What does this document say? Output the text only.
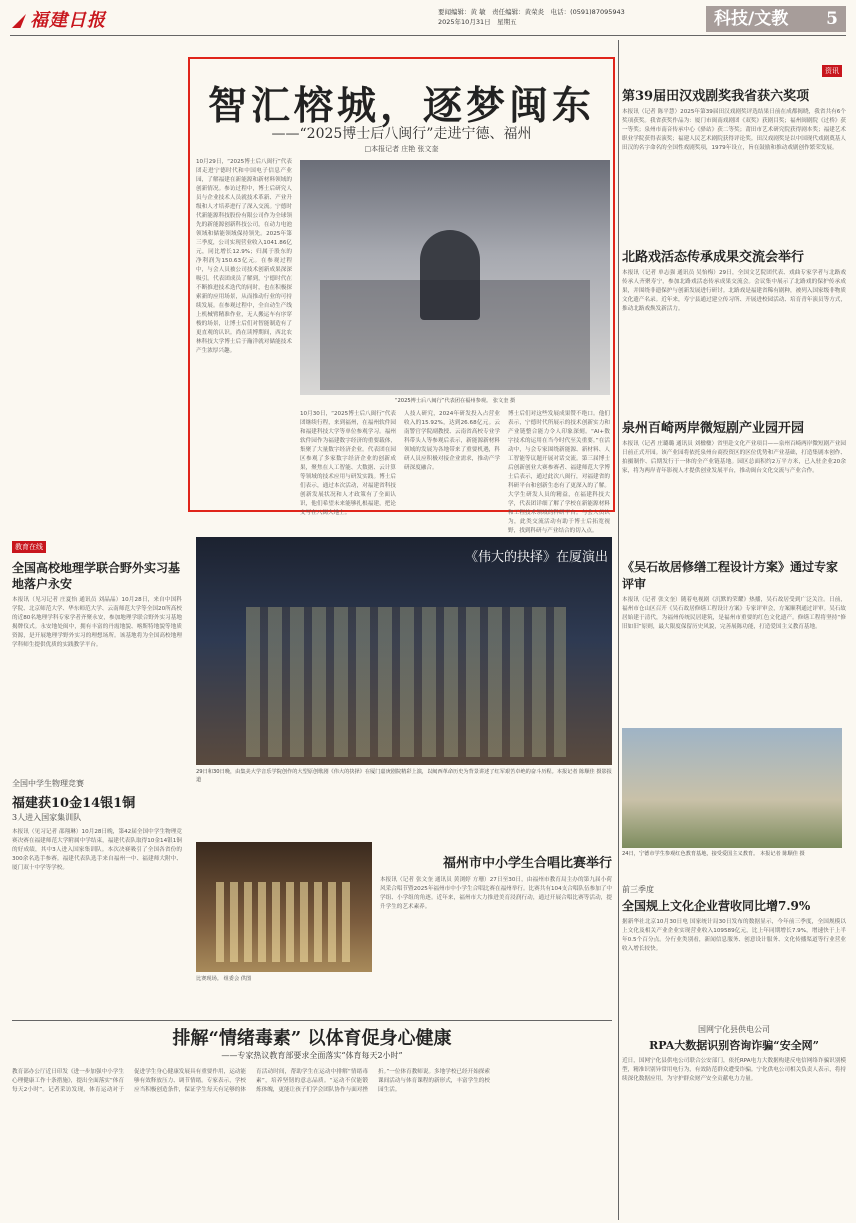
福建日报	要闻编辑：黄 敏　责任编辑：黄荣炎　电话：(0591)87095943
2025年10月31日　星期五	科技/文教 5
智汇榕城，逐梦闽东
——“2025博士后八闽行”走进宁德、福州
□本报记者 庄艳 张文奎
10月29日，“2025博士后八闽行”代表团走进宁德时代和中国电子信息产业园，了解福建在新能源和新材料领域的创新情况。参访过程中，博士后研究人员与企业技术人员就技术革新、产业升级和人才培养进行了深入交流。宁德时代新能源科技股份有限公司作为全球领先的新能源创新科技公司，在动力电池领域和储能领域保持领先。2025年第三季度，公司实现营业收入1041.86亿元，同比增长12.9%；归属于股东的净利润为150.63亿元。在参观过程中，与会人员被公司技术创新成果深深吸引。代表团成员了解到，宁德时代在不断推进技术迭代的同时，也在积极探索新的应用场景，从而推动行业的可持续发展。在参观过程中，全自动生产线上机械臂精准作业，无人搬运车有序穿梭的场景，让博士后们对智能制造有了更直观的认识。尚在读博期间，西北农林科技大学博士后于瀚洋就对储能技术产生浓厚兴趣。
“2025博士后八闽行”代表团在福州参观。 张文奎 摄
10月30日，“2025博士后八闽行”代表团继续行程，来到福州，在福州软件园和福建科技大学等单位参观学习。福州软件园作为福建数字经济的重要载体，集聚了大量数字经济企业。代表团在园区参观了多家数字经济企业的创新成果，聚焦在人工智能、大数据、云计算等领域的技术应用与研发实践。博士后们表示，通过本次活动，对福建省科技创新发展状况和人才政策有了全面认识，他们希望未来能够扎根福建，把论文写在八闽大地上。
人技人研究，2024年研发投入占营业收入的15.92%，达到26.68亿元。云南警官学院副教授、云南省高校专业学科带头人等参观后表示，新能源新材料领域的发展为各地带来了重要机遇，科研人员应积极对接企业需求，推动产学研深度融合。
博士后们对这些发展成果赞不绝口。他们表示，宁德时代所展示的技术创新实力和产业链整合能力令人印象深刻。“AI+数字技术的运用在当今时代至关重要。”在活动中，与会专家围绕新能源、新材料、人工智能等议题开展对话交流。第三届博士后创新创业大赛参赛者、福建师范大学博士后表示，通过此次八闽行，对福建省的科研平台和创新生态有了更深入的了解。大学生研发人员的精益，在福建科技大学，代表团详细了解了学校在新能源材料和工程技术领域的科研平台。与会人员认为，此类交流活动有助于博士后拓宽视野，找到科研与产业结合的切入点。
资讯
第39届田汉戏剧奖我省获六奖项
本报讯（记者 陈平慧）2025年第39届田汉戏剧奖评选结果日前在成都揭晓，我省共有6个奖项获奖。我省获奖作品为：厦门市闽南戏剧团《双奖》获剧目奖；福州闽剧院《过桥》获一等奖；泉州市南音传承中心《驿站》获二等奖；莆田市艺术研究院获得剧本奖；福建艺术职业学院获得表演奖；福建人民艺术剧院获得评论奖。田汉戏剧奖是以中国现代戏剧奠基人田汉的名字命名的全国性戏剧奖项，1979年设立，旨在鼓励和推动戏剧创作繁荣发展。
北路戏活态传承成果交流会举行
本报讯（记者 单志强 通讯员 吴怡梅）29日，全国文艺院团代表、戏曲专家学者与北路戏传承人齐聚寿宁，参加北路戏活态传承成果交流会。会议集中展示了北路戏的保护传承成果，并围绕非遗保护与创新发展进行研讨。北路戏是福建省稀有剧种，被列入国家级非物质文化遗产名录。近年来，寿宁县通过建立传习所、开展进校园活动、培育青年演员等方式，推动北路戏焕发新活力。
泉州百崎两岸微短剧产业园开园
本报讯（记者 庄璐璐 通讯员 刘楹楹）省里赴文化产业项目——泉州百崎两岸微短剧产业园日前正式开园。该产业园将依托泉州台商投资区的区位优势和产业基础，打造集剧本创作、拍摄制作、后期发行于一体的全产业链基地。园区总面积约2万平方米，已入驻企业20余家，将为两岸青年影视人才提供创业发展平台，推动闽台文化交流与产业合作。
《吴石故居修缮工程设计方案》通过专家评审
本报讯（记者 张文奎）随着电视剧《沉默的荣耀》热播，吴石故居受到广泛关注。日前，福州市仓山区召开《吴石故居修缮工程设计方案》专家评审会，方案顺利通过评审。吴石故居始建于清代，为福州传统民居建筑，是福州市重要的红色文化遗产。修缮工程将坚持“修旧如旧”原则，最大限度保留历史风貌，完善展陈功能，打造爱国主义教育基地。
24日，宁德市学生参观红色教育基地，接受爱国主义教育。 本报记者 陈顺佳 摄
前三季度
全国规上文化企业营收同比增7.9%
据新华社北京10月30日电 国家统计局30日发布的数据显示，今年前三季度，全国规模以上文化及相关产业企业实现营业收入109589亿元，比上年同期增长7.9%，增速快于上半年0.5个百分点。分行业类别看，新闻信息服务、创意设计服务、文化传播渠道等行业营业收入增长较快。
国网宁化县供电公司
RPA大数据识别咨询诈骗“安全网”
近日，国网宁化县供电公司联合公安部门，依托RPA电力大数据构建反电信网络诈骗识别模型，精准识别异常用电行为，有效防范群众遭受诈骗。宁化供电公司相关负责人表示，将持续深化数据应用，为守护群众财产安全贡献电力力量。
教育在线
全国高校地理学联合野外实习基地落户永安
本报讯（见习记者 庄夏怡 通讯员 刘晶晶）10月28日，来自中国科学院、北京师范大学、华东师范大学、云南师范大学等全国20所高校的近80名地理学科专家学者齐聚永安，参加地理学联合野外实习基地揭牌仪式。永安地处闽中，拥有丰富的丹霞地貌、喀斯特地貌等地质资源，是开展地理学野外实习的理想场所。该基地将为全国高校地理学科师生提供优质的实践教学平台。
全国中学生物理竞赛
福建获10金14银1铜
3人进入国家集训队
本报讯（见习记者 邵翔琳）10月28日晚，第42届全国中学生物理竞赛决赛在福建师范大学附属中学结束，福建代表队取得10金14银1铜的好成绩，其中3人进入国家集训队。本次决赛吸引了全国各省份的300余名选手参赛。福建代表队选手来自福州一中、福建师大附中、厦门双十中学等学校。
《伟大的抉择》在厦演出
29日和30日晚，由集美大学音乐学院创作的大型原创歌剧《伟大的抉择》在厦门嘉庚剧院精彩上演，以闽西革命历史为背景讲述了红军艰苦卓绝的奋斗历程。本报记者 陈顺佳 摄影报道
比赛现场。 组委会 供图
福州市中小学生合唱比赛举行
本报讯（记者 张文奎 通讯员 黄浏婷 方珊）27日至30日，由福州市教育局主办的第九届小荷风采合唱节暨2025年福州市中小学生合唱比赛在福州举行。比赛共有104支合唱队伍参加了中学组、小学组的角逐。近年来，福州市大力推进美育浸润行动，通过开展合唱比赛等活动，提升学生的艺术素养。
排解“情绪毒素” 以体育促身心健康
——专家热议教育部要求全面落实“体育每天2小时”
教育部办公厅近日印发《进一步加强中小学生心理健康工作十条措施》，提出全面落实“体育每天2小时”。记者采访发现，体育运动对于促进学生身心健康发展具有重要作用，运动能够有效释放压力、调节情绪。专家表示，学校应当积极创造条件，保证学生每天有足够的体育活动时间，帮助学生在运动中排解“情绪毒素”，培养坚韧的意志品质。“运动不仅能锻炼体魄，更能让孩子们学会团队协作与面对挫折。”一位体育教师说。多地学校已经开始探索课间活动与体育课程的新形式，丰富学生的校园生活。
